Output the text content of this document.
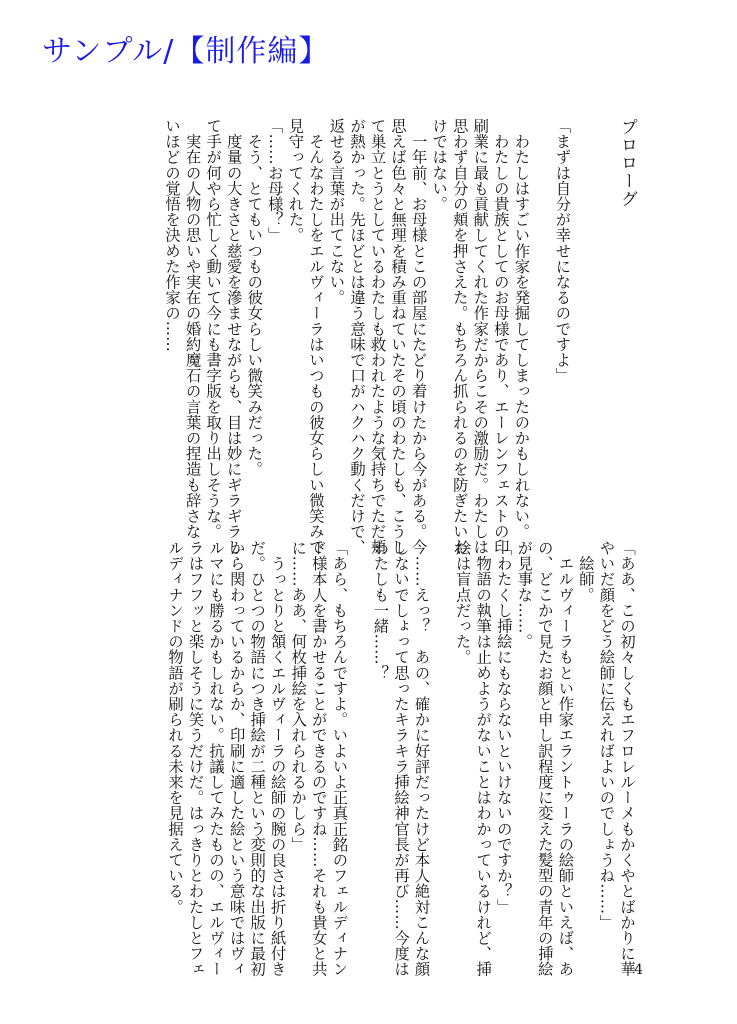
サンプル/【制作編】
プロローグ
「まずは自分が幸せになるのですよ」

　わたしはすごい作家を発掘してしまったのかもしれない。
　わたしの貴族としてのお母様であり、エーレンフェストの印
刷業に最も貢献してくれた作家だからこその激励だ。わたしは
思わず自分の頬を押さえた。もちろん抓られるのを防ぎたいわ
けではない。
　一年前、お母様とこの部屋にたどり着けたから今がある。今
思えば色々と無理を積み重ねていたその頃のわたしも、こうし
て巣立とうとしているわたしも救われたような気持ちでただ頬
が熱かった。先ほどとは違う意味で口がハクハク動くだけで、
返せる言葉が出てこない。
　そんなわたしをエルヴィーラはいつもの彼女らしい微笑みで
見守ってくれた。
「……お母様？」
　そう、とてもいつもの彼女らしい微笑みだった。
　度量の大きさと慈愛を滲ませながらも、目は妙にギラギラし
て手が何やら忙しく動いて今にも書字版を取り出しそうな。
　実在の人物の思いや実在の婚約魔石の言葉の捏造も辞さな
いほどの覚悟を決めた作家の……
「ああ、この初々しくもエフロレルーメもかくやとばかりに華
やいだ顔をどう絵師に伝えればよいのでしょうね……」
　絵師。
　エルヴィーラもとい作家エラントゥーラの絵師といえば、あ
の、どこかで見たお顔と申し訳程度に変えた髪型の青年の挿絵
が見事な……。
「わたくし挿絵にもならないといけないのですか？」
　物語の執筆は止めようがないことはわかっているけれど、挿
絵は盲点だった。

　……えっ？　あの、確かに好評だったけど本人絶対こんな顔
しないでしょって思ったキラキラ挿絵神官長が再び……今度は
わたしも一緒……？

「あら、もちろんですよ。いよいよ正真正銘のフェルディナン
ド様本人を書かせることができるのですね……それも貴女と共
に……ああ、何枚挿絵を入れられるかしら」
　うっとりと頷くエルヴィーラの絵師の腕の良さは折り紙付き
だ。ひとつの物語につき挿絵が二種という変則的な出版に最初
から関わっているからか、印刷に適した絵という意味ではヴィ
ルマにも勝るかもしれない。抗議してみたものの、エルヴィー
ラはフフッと楽しそうに笑うだけだ。はっきりとわたしとフェ
ルディナンドの物語が刷られる未来を見据えている。
4
